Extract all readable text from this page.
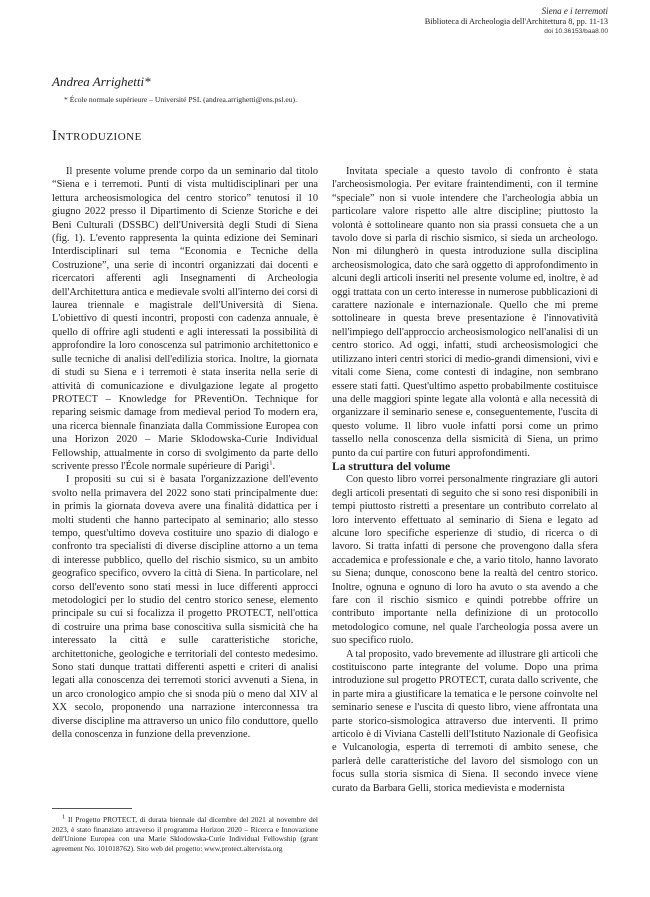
Siena e i terremoti
Biblioteca di Archeologia dell'Architettura 8, pp. 11-13
doi 10.36153/baa8.00
Andrea Arrighetti*
* École normale supérieure – Université PSL (andrea.arrighetti@ens.psl.eu).
Introduzione

Il presente volume prende corpo da un seminario dal titolo “Siena e i terremoti. Punti di vista multidisciplinari per una lettura archeosismologica del centro storico” tenutosi il 10 giugno 2022 presso il Dipartimento di Scienze Storiche e dei Beni Culturali (DSSBC) dell'Università degli Studi di Siena (fig. 1). L'evento rappresenta la quinta edizione dei Seminari Interdisciplinari sul tema “Economia e Tecniche della Costruzione”, una serie di incontri organizzati dai docenti e ricercatori afferenti agli Insegnamenti di Archeologia dell'Architettura antica e medievale svolti all'interno dei corsi di laurea triennale e magistrale dell'Università di Siena. L'obiettivo di questi incontri, proposti con cadenza annuale, è quello di offrire agli studenti e agli interessati la possibilità di approfondire la loro conoscenza sul patrimonio architettonico e sulle tecniche di analisi dell'edilizia storica. Inoltre, la giornata di studi su Siena e i terremoti è stata inserita nella serie di attività di comunicazione e divulgazione legate al progetto PROTECT – Knowledge for PReventiOn. Technique for reparing seismic damage from medieval period To modern era, una ricerca biennale finanziata dalla Commissione Europea con una Horizon 2020 – Marie Sklodowska-Curie Individual Fellowship, attualmente in corso di svolgimento da parte dello scrivente presso l'École normale supérieure di Parigi$^1$.

I propositi su cui si è basata l'organizzazione dell'evento svolto nella primavera del 2022 sono stati principalmente due: in primis la giornata doveva avere una finalità didattica per i molti studenti che hanno partecipato al seminario; allo stesso tempo, quest'ultimo doveva costituire uno spazio di dialogo e confronto tra specialisti di diverse discipline attorno a un tema di interesse pubblico, quello del rischio sismico, su un ambito geografico specifico, ovvero la città di Siena. In particolare, nel corso dell'evento sono stati messi in luce differenti approcci metodologici per lo studio del centro storico senese, elemento principale su cui si focalizza il progetto PROTECT, nell'ottica di costruire una prima base conoscitiva sulla sismicità che ha interessato la città e sulle caratteristiche storiche, architettoniche, geologiche e territoriali del contesto medesimo. Sono stati dunque trattati differenti aspetti e criteri di analisi legati alla conoscenza dei terremoti storici avvenuti a Siena, in un arco cronologico ampio che si snoda più o meno dal XIV al XX secolo, proponendo una narrazione interconnessa tra diverse discipline ma attraverso un unico filo conduttore, quello della conoscenza in funzione della prevenzione.

$^1$ Il Progetto PROTECT, di durata biennale dal dicembre del 2021 al novembre del 2023, è stato finanziato attraverso il programma Horizon 2020 – Ricerca e Innovazione dell'Unione Europea con una Marie Sklodowska-Curie Individual Fellowship (grant agreement No. 101018762). Sito web del progetto: www.protect.altervista.org

Invitata speciale a questo tavolo di confronto è stata l'archeosismologia. Per evitare fraintendimenti, con il termine “speciale” non si vuole intendere che l'archeologia abbia un particolare valore rispetto alle altre discipline; piuttosto la volontà è sottolineare quanto non sia prassi consueta che a un tavolo dove si parla di rischio sismico, si sieda un archeologo. Non mi dilungherò in questa introduzione sulla disciplina archeosismologica, dato che sarà oggetto di approfondimento in alcuni degli articoli inseriti nel presente volume ed, inoltre, è ad oggi trattata con un certo interesse in numerose pubblicazioni di carattere nazionale e internazionale. Quello che mi preme sottolineare in questa breve presentazione è l'innovatività nell'impiego dell'approccio archeosismologico nell'analisi di un centro storico. Ad oggi, infatti, studi archeosismologici che utilizzano interi centri storici di medio-grandi dimensioni, vivi e vitali come Siena, come contesti di indagine, non sembrano essere stati fatti. Quest'ultimo aspetto probabilmente costituisce una delle maggiori spinte legate alla volontà e alla necessità di organizzare il seminario senese e, conseguentemente, l'uscita di questo volume. Il libro vuole infatti porsi come un primo tassello nella conoscenza della sismicità di Siena, un primo punto da cui partire con futuri approfondimenti.

La struttura del volume

Con questo libro vorrei personalmente ringraziare gli autori degli articoli presentati di seguito che si sono resi disponibili in tempi piuttosto ristretti a presentare un contributo correlato al loro intervento effettuato al seminario di Siena e legato ad alcune loro specifiche esperienze di studio, di ricerca o di lavoro. Si tratta infatti di persone che provengono dalla sfera accademica e professionale e che, a vario titolo, hanno lavorato su Siena; dunque, conoscono bene la realtà del centro storico. Inoltre, ognuna e ognuno di loro ha avuto o sta avendo a che fare con il rischio sismico e quindi potrebbe offrire un contributo importante nella definizione di un protocollo metodologico comune, nel quale l'archeologia possa avere un suo specifico ruolo.

A tal proposito, vado brevemente ad illustrare gli articoli che costituiscono parte integrante del volume. Dopo una prima introduzione sul progetto PROTECT, curata dallo scrivente, che in parte mira a giustificare la tematica e le persone coinvolte nel seminario senese e l'uscita di questo libro, viene affrontata una parte storico-sismologica attraverso due interventi. Il primo articolo è di Viviana Castelli dell'Istituto Nazionale di Geofisica e Vulcanologia, esperta di terremoti di ambito senese, che parlerà delle caratteristiche del lavoro del sismologo con un focus sulla storia sismica di Siena. Il secondo invece viene curato da Barbara Gelli, storica medievista e modernista
